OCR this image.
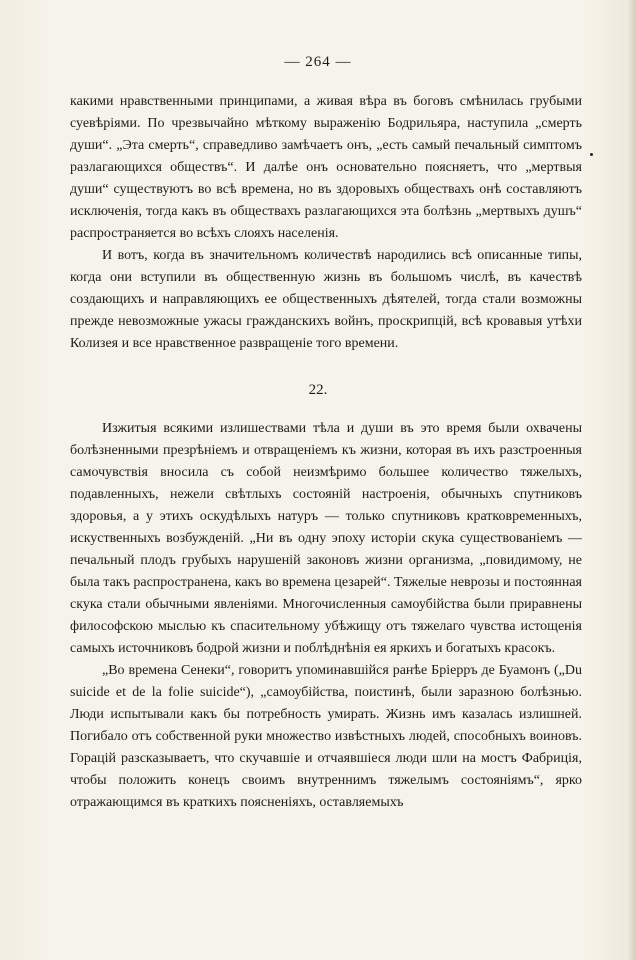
— 264 —

какими нравственными принципами, а живая вѣра въ боговъ смѣнилась грубыми суевѣріями. По чрезвычайно мѣткому выраженію Бодрильяра, наступила „смерть души“. „Эта смерть“, справедливо замѣчаетъ онъ, „есть самый печальный симптомъ разлагающихся обществъ“. И далѣе онъ основательно поясняетъ, что „мертвыя души“ существуютъ во всѣ времена, но въ здоровыхъ обществахъ онѣ составляютъ исключенія, тогда какъ въ обществахъ разлагающихся эта болѣзнь „мертвыхъ душъ“ распространяется во всѣхъ слояхъ населенія.

И вотъ, когда въ значительномъ количествѣ народились всѣ описанные типы, когда они вступили въ общественную жизнь въ большомъ числѣ, въ качествѣ создающихъ и направляющихъ ее общественныхъ дѣятелей, тогда стали возможны прежде невозможные ужасы гражданскихъ войнъ, проскрипцій, всѣ кровавыя утѣхи Колизея и все нравственное развращеніе того времени.

22.

Изжитыя всякими излишествами тѣла и души въ это время были охвачены болѣзненными презрѣніемъ и отвращеніемъ къ жизни, которая въ ихъ разстроенныя самочувствія вносила съ собой неизмѣримо большее количество тяжелыхъ, подавленныхъ, нежели свѣтлыхъ состояній настроенія, обычныхъ спутниковъ здоровья, а у этихъ оскудѣлыхъ натуръ — только спутниковъ кратковременныхъ, искуственныхъ возбужденій. „Ни въ одну эпоху исторіи скука существованіемъ — печальный плодъ грубыхъ нарушеній законовъ жизни организма, „повидимому, не была такъ распространена, какъ во времена цезарей“. Тяжелые неврозы и постоянная скука стали обычными явленіями. Многочисленныя самоубійства были приравнены философскою мыслью къ спасительному убѣжищу отъ тяжелаго чувства истощенія самыхъ источниковъ бодрой жизни и поблѣднѣнія ея яркихъ и богатыхъ красокъ.

„Во времена Сенеки“, говоритъ упоминавшійся ранѣе Бріерръ де Буамонъ („Du suicide et de la folie suicide“), „самоубійства, поистинѣ, были заразною болѣзнью. Люди испытывали какъ бы потребность умирать. Жизнь имъ казалась излишней. Погибало отъ собственной руки множество извѣстныхъ людей, способныхъ воиновъ. Горацій разсказываетъ, что скучавшіе и отчаявшіеся люди шли на мостъ Фабриція, чтобы положить конецъ своимъ внутреннимъ тяжелымъ состояніямъ“, ярко отражающимся въ краткихъ поясненіяхъ, оставляемыхъ
